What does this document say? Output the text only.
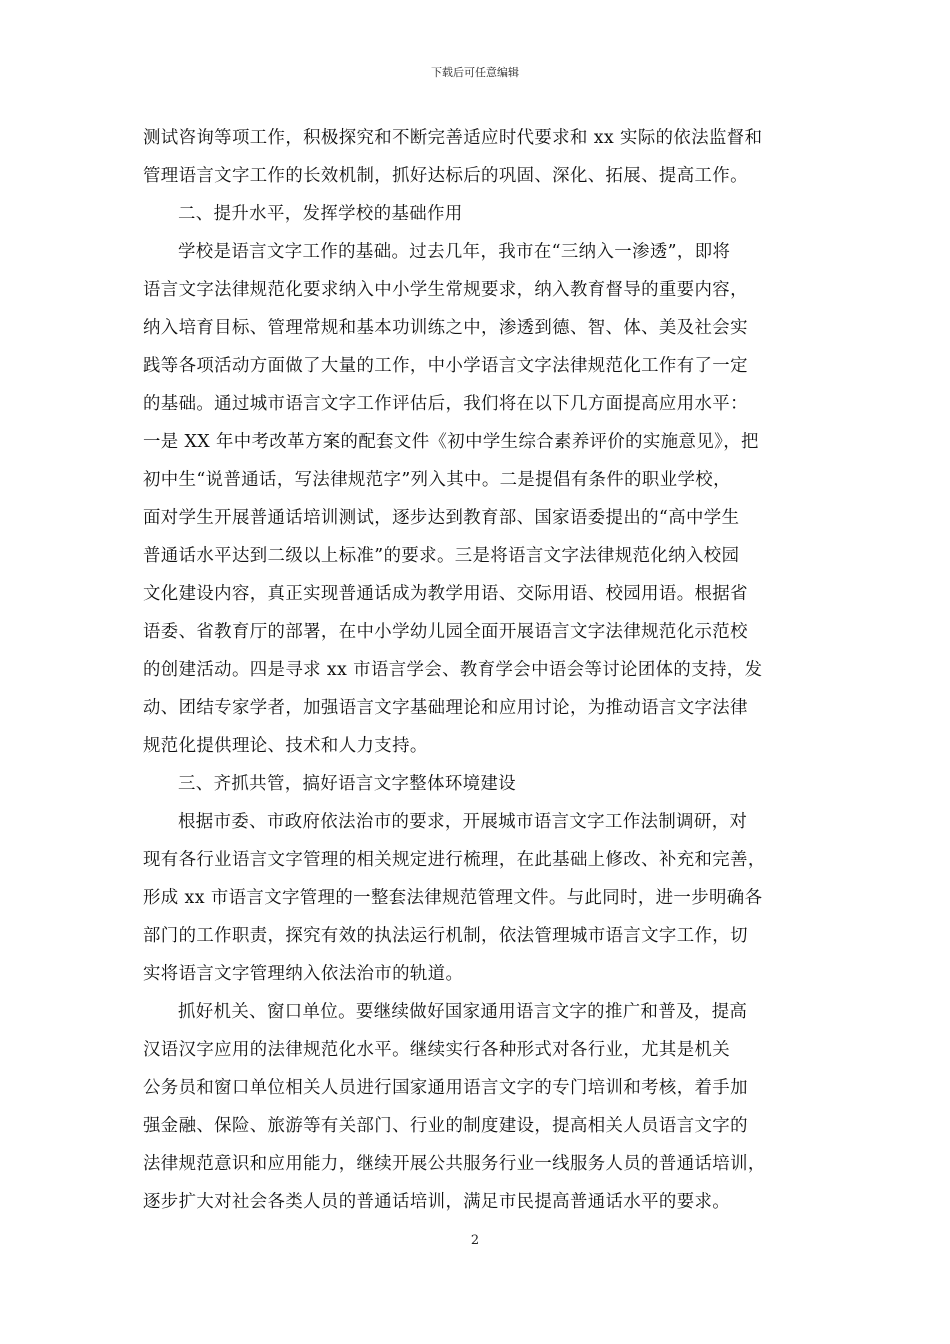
下载后可任意编辑
测试咨询等项工作，积极探究和不断完善适应时代要求和 xx 实际的依法监督和
管理语言文字工作的长效机制，抓好达标后的巩固、深化、拓展、提高工作。
二、提升水平，发挥学校的基础作用
学校是语言文字工作的基础。过去几年，我市在“三纳入一渗透”，即将
语言文字法律规范化要求纳入中小学生常规要求，纳入教育督导的重要内容，
纳入培育目标、管理常规和基本功训练之中，渗透到德、智、体、美及社会实
践等各项活动方面做了大量的工作，中小学语言文字法律规范化工作有了一定
的基础。通过城市语言文字工作评估后，我们将在以下几方面提高应用水平：
一是 XX 年中考改革方案的配套文件《初中学生综合素养评价的实施意见》，把
初中生“说普通话，写法律规范字”列入其中。二是提倡有条件的职业学校，
面对学生开展普通话培训测试，逐步达到教育部、国家语委提出的“高中学生
普通话水平达到二级以上标准”的要求。三是将语言文字法律规范化纳入校园
文化建设内容，真正实现普通话成为教学用语、交际用语、校园用语。根据省
语委、省教育厅的部署，在中小学幼儿园全面开展语言文字法律规范化示范校
的创建活动。四是寻求 xx 市语言学会、教育学会中语会等讨论团体的支持，发
动、团结专家学者，加强语言文字基础理论和应用讨论，为推动语言文字法律
规范化提供理论、技术和人力支持。
三、齐抓共管，搞好语言文字整体环境建设
根据市委、市政府依法治市的要求，开展城市语言文字工作法制调研，对
现有各行业语言文字管理的相关规定进行梳理，在此基础上修改、补充和完善，
形成 xx 市语言文字管理的一整套法律规范管理文件。与此同时，进一步明确各
部门的工作职责，探究有效的执法运行机制，依法管理城市语言文字工作，切
实将语言文字管理纳入依法治市的轨道。
抓好机关、窗口单位。要继续做好国家通用语言文字的推广和普及，提高
汉语汉字应用的法律规范化水平。继续实行各种形式对各行业，尤其是机关
公务员和窗口单位相关人员进行国家通用语言文字的专门培训和考核，着手加
强金融、保险、旅游等有关部门、行业的制度建设，提高相关人员语言文字的
法律规范意识和应用能力，继续开展公共服务行业一线服务人员的普通话培训，
逐步扩大对社会各类人员的普通话培训，满足市民提高普通话水平的要求。
2
